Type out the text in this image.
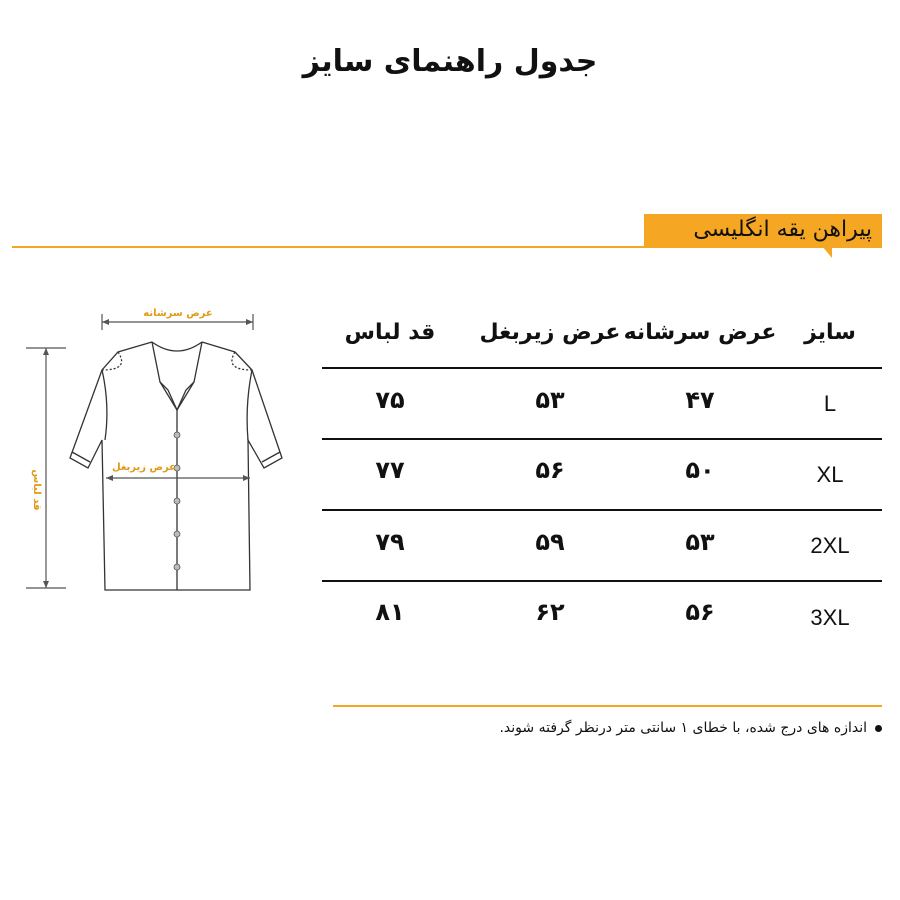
جدول راهنمای سایز
پیراهن یقه انگلیسی
عرض سرشانه
قد لباس
عرض زیربغل
سایز
عرض سرشانه
عرض زیربغل
قد لباس
L
۴۷
۵۳
۷۵
XL
۵۰
۵۶
۷۷
2XL
۵۳
۵۹
۷۹
3XL
۵۶
۶۲
۸۱
اندازه های درج شده، با خطای ۱ سانتی متر درنظر گرفته شوند.
